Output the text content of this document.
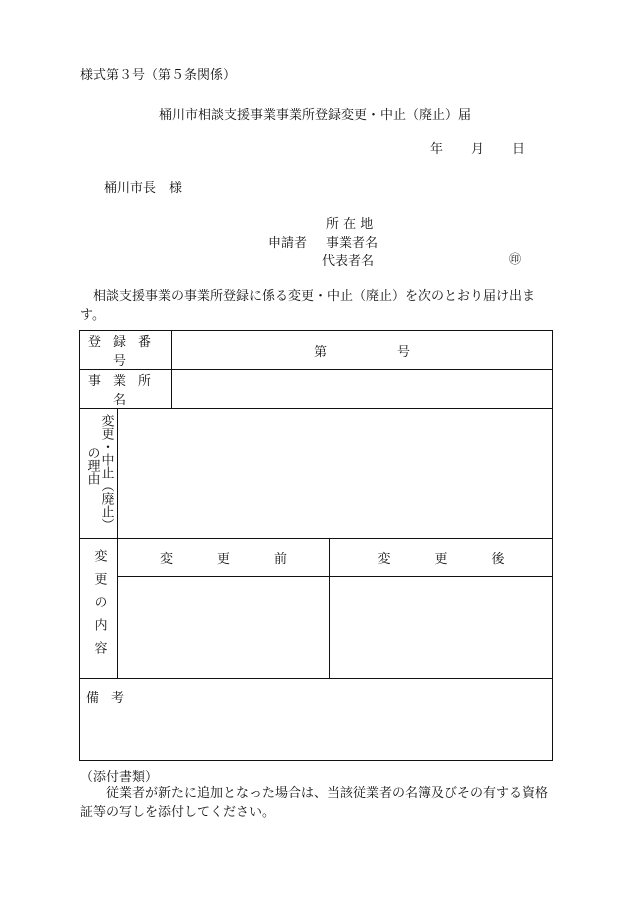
様式第３号（第５条関係）
桶川市相談支援事業事業所登録変更・中止（廃止）届
年 月 日
桶川市長　様
所 在 地
申請者 事業者名
代表者名	㊞
相談支援事業の事業所登録に係る変更・中止（廃止）を次のとおり届け出ます。
登録番号		第 号	

事業所名			

変更・中止（廃止）
の理由			

変更の内容	変更前		変更後

備考			
（添付書類）
従業者が新たに追加となった場合は、当該従業者の名簿及びその有する資格証等の写しを添付してください。
